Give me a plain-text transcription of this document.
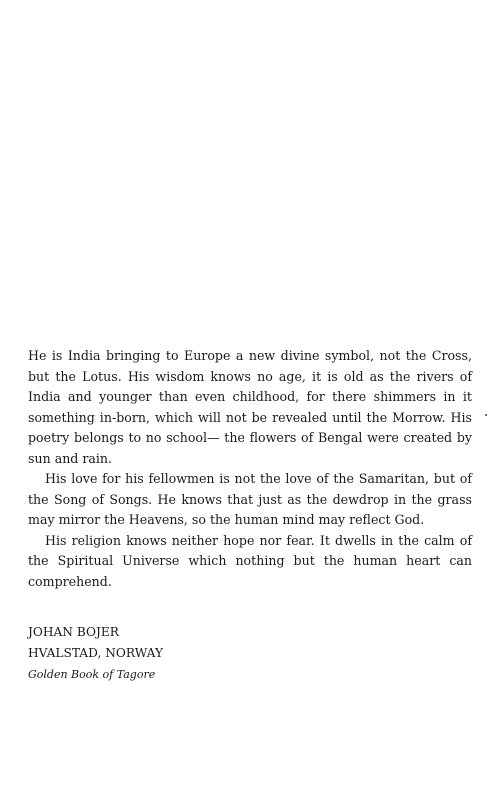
He is India bringing to Europe a new divine symbol, not the Cross, but the Lotus. His wisdom knows no age, it is old as the rivers of India and younger than even childhood, for there shimmers in it something in-born, which will not be revealed until the Morrow. His poetry belongs to no school— the flowers of Bengal were created by sun and rain.

His love for his fellowmen is not the love of the Samaritan, but of the Song of Songs. He knows that just as the dewdrop in the grass may mirror the Heavens, so the human mind may reflect God.

His religion knows neither hope nor fear. It dwells in the calm of the Spiritual Universe which nothing but the human heart can comprehend.

JOHAN BOJER
HVALSTAD, NORWAY
Golden Book of Tagore
